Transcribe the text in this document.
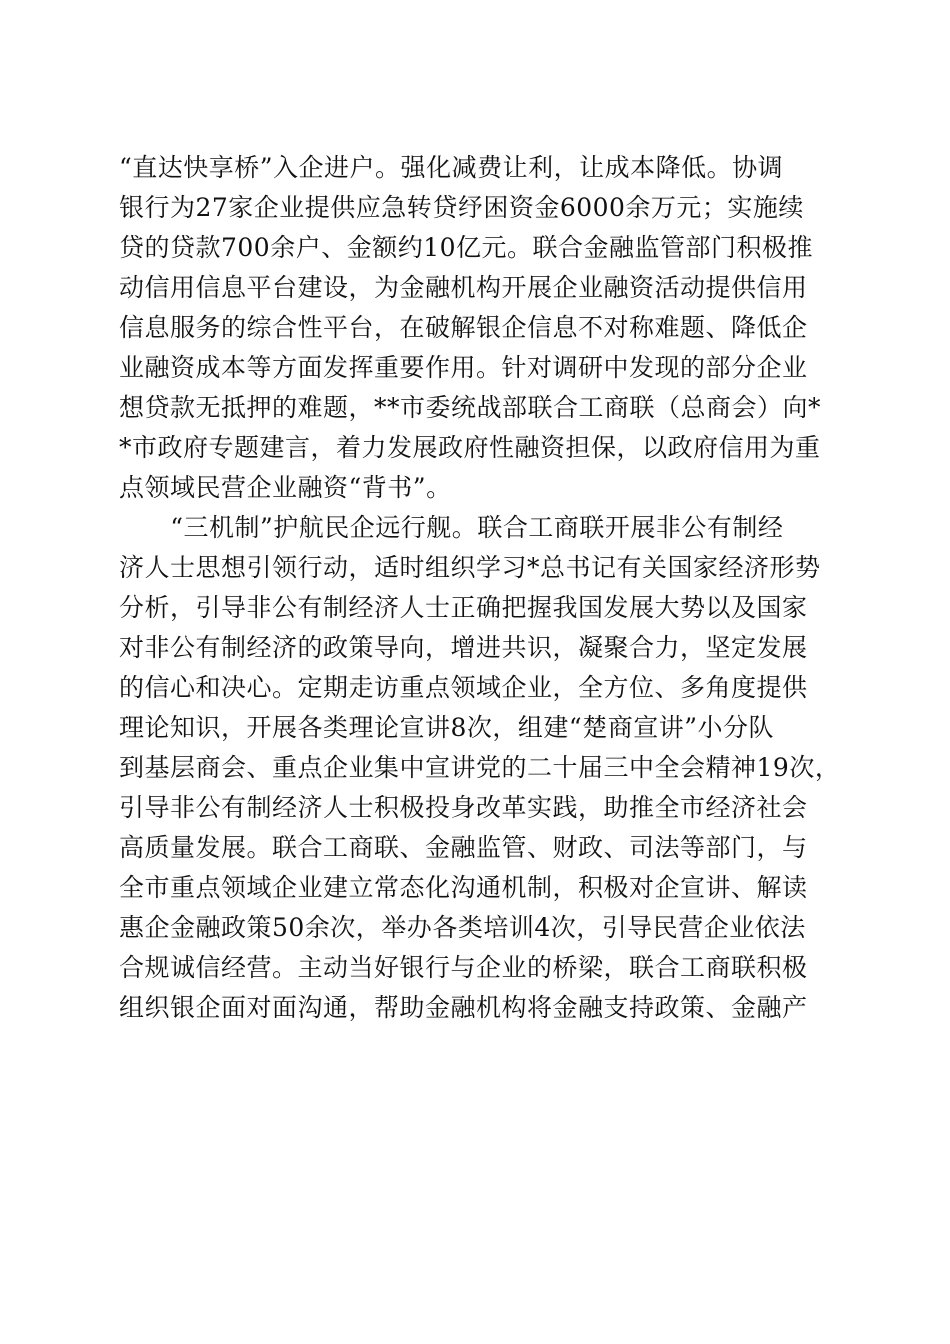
“直达快享桥”入企进户。强化减费让利，让成本降低。协调
银行为27家企业提供应急转贷纾困资金6000余万元；实施续
贷的贷款700余户、金额约10亿元。联合金融监管部门积极推
动信用信息平台建设，为金融机构开展企业融资活动提供信用
信息服务的综合性平台，在破解银企信息不对称难题、降低企
业融资成本等方面发挥重要作用。针对调研中发现的部分企业
想贷款无抵押的难题，**市委统战部联合工商联（总商会）向*
*市政府专题建言，着力发展政府性融资担保，以政府信用为重
点领域民营企业融资“背书”。
“三机制”护航民企远行舰。联合工商联开展非公有制经
济人士思想引领行动，适时组织学习*总书记有关国家经济形势
分析，引导非公有制经济人士正确把握我国发展大势以及国家
对非公有制经济的政策导向，增进共识，凝聚合力，坚定发展
的信心和决心。定期走访重点领域企业，全方位、多角度提供
理论知识，开展各类理论宣讲8次，组建“楚商宣讲”小分队
到基层商会、重点企业集中宣讲党的二十届三中全会精神19次，
引导非公有制经济人士积极投身改革实践，助推全市经济社会
高质量发展。联合工商联、金融监管、财政、司法等部门，与
全市重点领域企业建立常态化沟通机制，积极对企宣讲、解读
惠企金融政策50余次，举办各类培训4次，引导民营企业依法
合规诚信经营。主动当好银行与企业的桥梁，联合工商联积极
组织银企面对面沟通，帮助金融机构将金融支持政策、金融产
